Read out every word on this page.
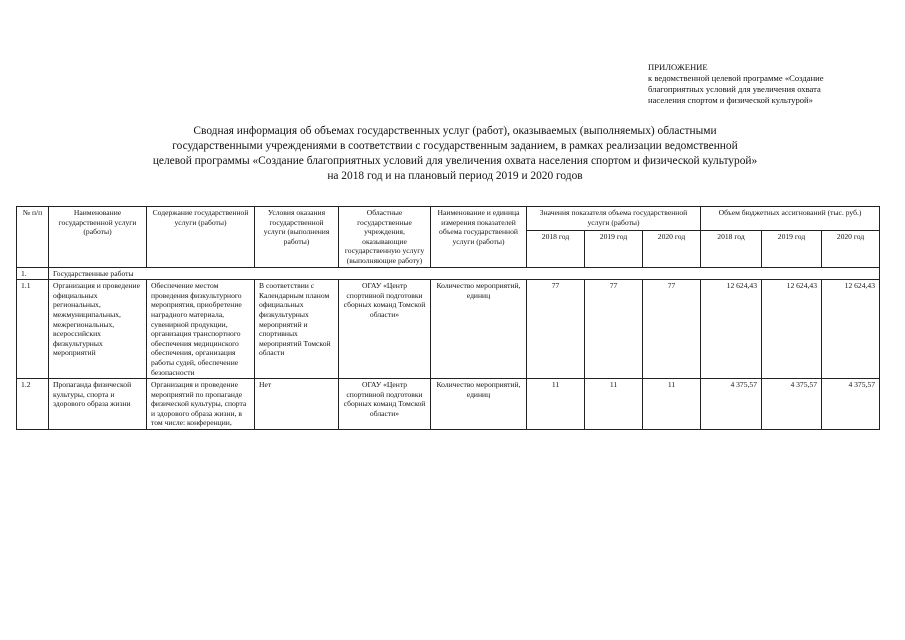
ПРИЛОЖЕНИЕ
к ведомственной целевой программе «Создание
благоприятных условий для увеличения охвата
населения спортом и физической культурой»
Сводная информация об объемах государственных услуг (работ), оказываемых (выполняемых) областными
государственными учреждениями в соответствии с государственным заданием, в рамках реализации ведомственной
целевой программы «Создание благоприятных условий для увеличения охвата населения спортом и физической культурой»
на 2018 год и на плановый период 2019 и 2020 годов
№ п/п	Наименование государственной услуги (работы)	Содержание государственной услуги (работы)	Условия оказания государственной услуги (выполнения работы)	Областные государственные учреждения, оказывающие государственную услугу (выполняющие работу)	Наименование и единица измерения показателей объема государственной услуги (работы)	Значения показателя объема государственной услуги (работы)			Объем бюджетных ассигнований (тыс. руб.)		
						2018 год	2019 год	2020 год	2018 год	2019 год	2020 год
1.	Государственные работы										
1.1	Организация и проведение официальных региональных, межмуниципальных, межрегиональных, всероссийских физкультурных мероприятий	Обеспечение местом проведения физкультурного мероприятия, приобретение наградного материала, сувенирной продукции, организация транспортного обеспечения медицинского обеспечения, организация работы судей, обеспечение безопасности	В соответствии с Календарным планом официальных физкультурных мероприятий и спортивных мероприятий Томской области	ОГАУ «Центр спортивной подготовки сборных команд Томской области»	Количество мероприятий, единиц	77	77	77	12 624,43	12 624,43	12 624,43
1.2	Пропаганда физической культуры, спорта и здорового образа жизни	Организация и проведение мероприятий по пропаганде физической культуры, спорта и здорового образа жизни, в том числе: конференции,	Нет	ОГАУ «Центр спортивной подготовки сборных команд Томской области»	Количество мероприятий, единиц	11	11	11	4 375,57	4 375,57	4 375,57
